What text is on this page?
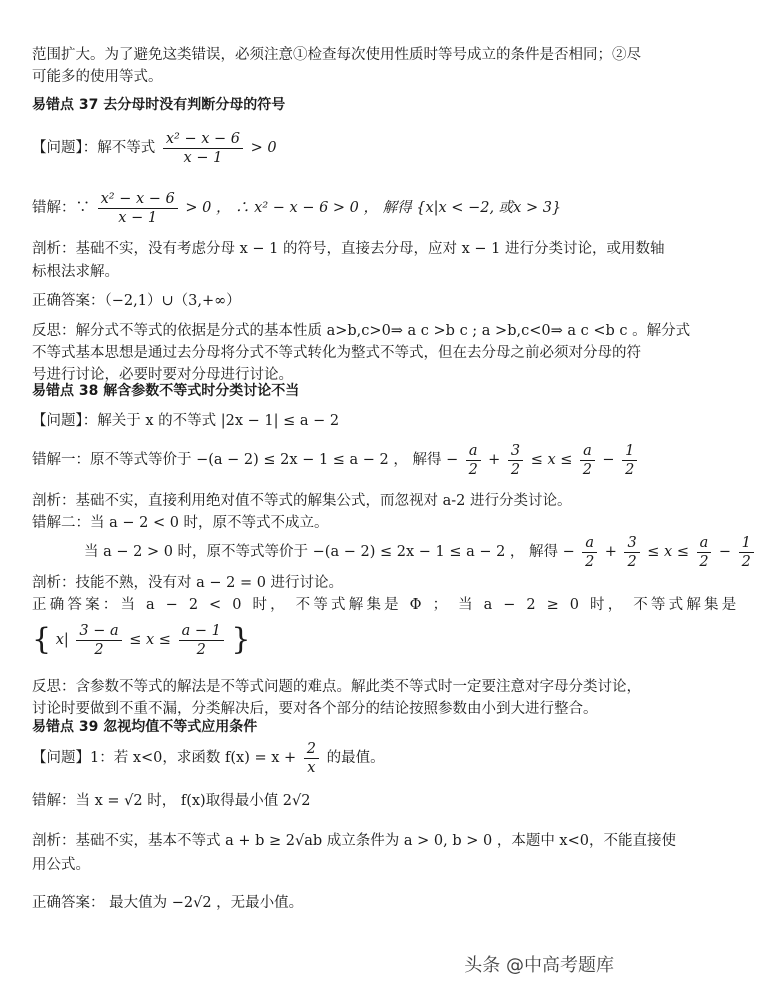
范围扩大。为了避免这类错误，必须注意①检查每次使用性质时等号成立的条件是否相同；②尽
可能多的使用等式。
易错点 37 去分母时没有判断分母的符号
【问题】：解不等式 $\frac{\text{x² − x − 6}}{x - 1} > 0$
错解：∵ $\frac{\text{x² − x − 6}}{x - 1} > 0$ ， ∴ x² − x − 6 > 0 ， 解得 {x|x < −2, 或x > 3}
剖析：基础不实，没有考虑分母 x − 1 的符号，直接去分母，应对 x − 1 进行分类讨论，或用数轴
标根法求解。
正确答案：（−2,1）∪（3,+∞）
反思：解分式不等式的依据是分式的基本性质 a>b,c>0⇒ a c >b c ; a >b,c<0⇒ a c <b c 。解分式
不等式基本思想是通过去分母将分式不等式转化为整式不等式，但在去分母之前必须对分母的符
号进行讨论，必要时要对分母进行讨论。
易错点 38 解含参数不等式时分类讨论不当
【问题】：解关于 x 的不等式 |2x − 1| ≤ a − 2
错解一：原不等式等价于 −(a − 2) ≤ 2x − 1 ≤ a − 2 ， 解得 − $\frac{a}{2} + \frac{3}{2} \le x \le \frac{a}{2} - \frac{1}{2}$
剖析：基础不实，直接利用绝对值不等式的解集公式，而忽视对 a-2 进行分类讨论。
错解二：当 a − 2 < 0 时，原不等式不成立。
当 a − 2 > 0 时，原不等式等价于 −(a − 2) ≤ 2x − 1 ≤ a − 2 ， 解得 − $\frac{a}{2} + \frac{3}{2} \le x \le \frac{a}{2} - \frac{1}{2}$
剖析：技能不熟，没有对 a − 2 = 0 进行讨论。
正确答案：当 a − 2 < 0 时， 不等式解集是 Φ ； 当 a − 2 ≥ 0 时， 不等式解集是
{ $x| \frac{3 - a}{2} \le x \le \frac{a - 1}{2}$ }
反思：含参数不等式的解法是不等式问题的难点。解此类不等式时一定要注意对字母分类讨论，
讨论时要做到不重不漏，分类解决后，要对各个部分的结论按照参数由小到大进行整合。
易错点 39 忽视均值不等式应用条件
【问题】1：若 x<0，求函数 $f(x) = x + \frac{2}{x}$ 的最值。
错解：当 x = √2 时， f(x)取得最小值 2√2
剖析：基础不实，基本不等式 a + b ≥ 2√ab 成立条件为 a > 0, b > 0 ，本题中 x<0，不能直接使
用公式。
正确答案： 最大值为 −2√2 ，无最小值。
头条 @中高考题库
